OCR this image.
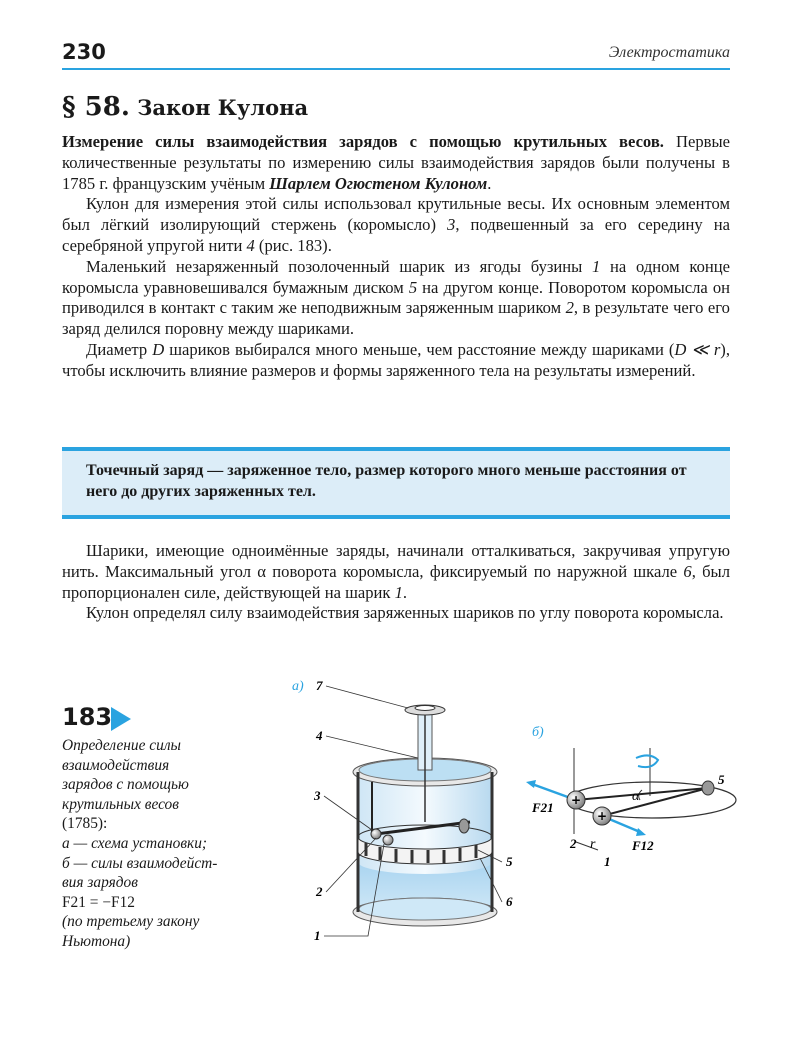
230	Электростатика
§ 58. Закон Кулона

Измерение силы взаимодействия зарядов с помощью крутильных весов. Первые количественные результаты по измерению силы взаимодействия зарядов были получены в 1785 г. французским учёным Шарлем Огюстеном Кулоном.

Кулон для измерения этой силы использовал крутильные весы. Их основным элементом был лёгкий изолирующий стержень (коромысло) 3, подвешенный за его середину на серебряной упругой нити 4 (рис. 183).

Маленький незаряженный позолоченный шарик из ягоды бузины 1 на одном конце коромысла уравновешивался бумажным диском 5 на другом конце. Поворотом коромысла он приводился в контакт с таким же неподвижным заряженным шариком 2, в результате чего его заряд делился поровну между шариками.

Диаметр D шариков выбирался много меньше, чем расстояние между шариками (D ≪ r), чтобы исключить влияние размеров и формы заряженного тела на результаты измерений.

Точечный заряд — заряженное тело, размер которого много меньше расстояния от него до других заряженных тел.

Шарики, имеющие одноимённые заряды, начинали отталкиваться, закручивая упругую нить. Максимальный угол α поворота коромысла, фиксируемый по наружной шкале 6, был пропорционален силе, действующей на шарик 1.

Кулон определял силу взаимодействия заряженных шариков по углу поворота коромысла.

183
Определение силы
взаимодействия
зарядов с помощью
крутильных весов
(1785):
а — схема установки;
б — силы взаимодейст-
вия зарядов
F21 = −F12
(по третьему закону
Ньютона)
а) 7
4
3
2
1
5
6
б)
α
5
+
+
F21
F12
2 r
1
